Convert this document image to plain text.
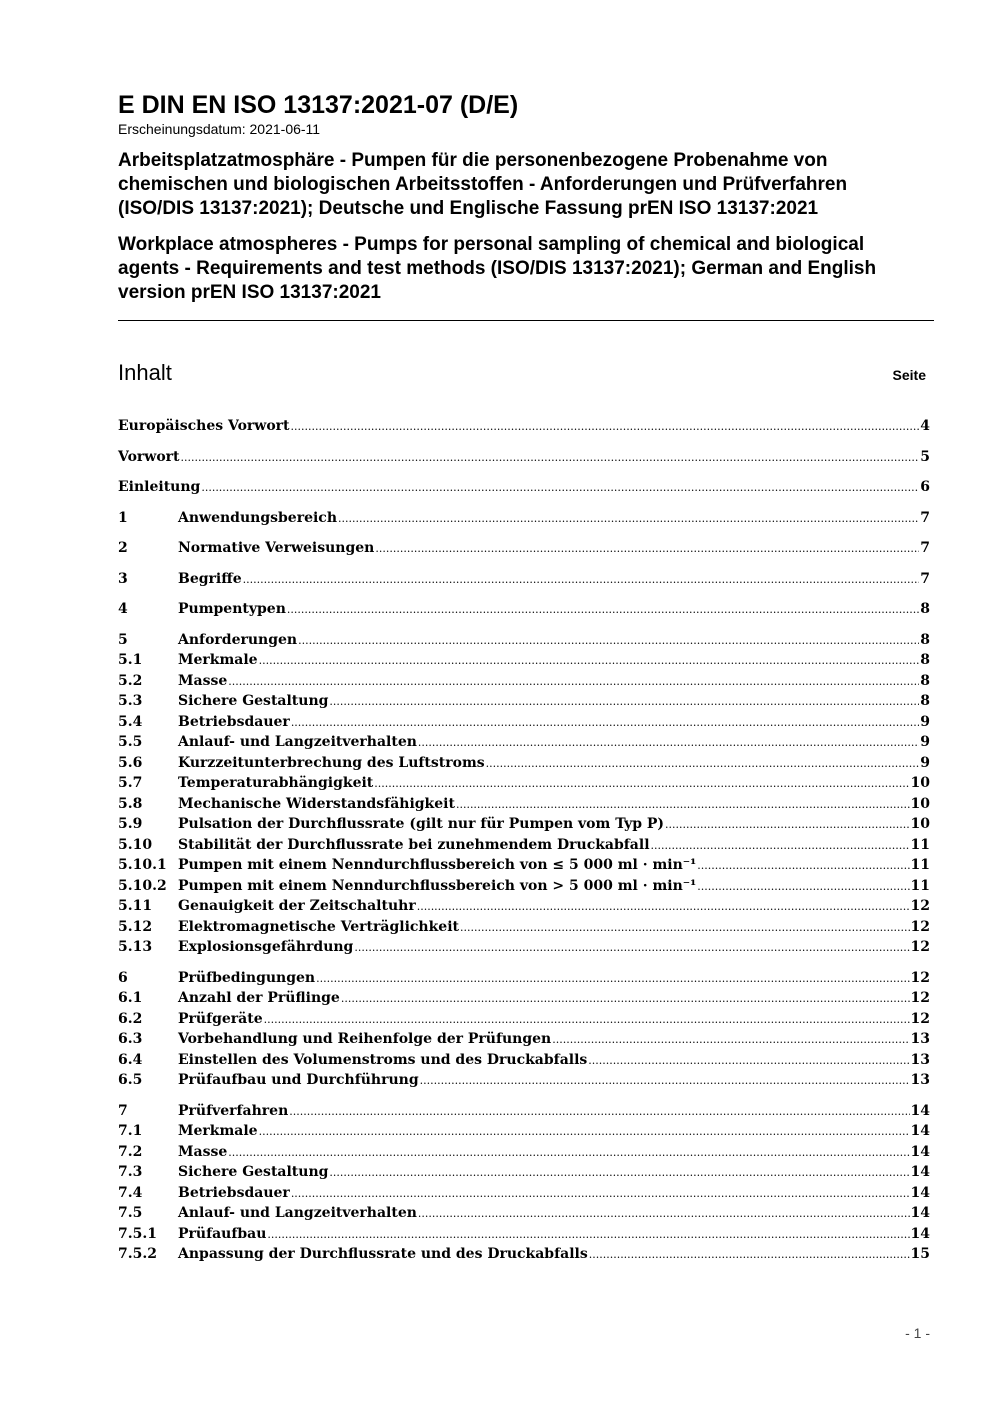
E DIN EN ISO 13137:2021-07 (D/E)
Erscheinungsdatum: 2021-06-11
Arbeitsplatzatmosphäre - Pumpen für die personenbezogene Probenahme von
chemischen und biologischen Arbeitsstoffen - Anforderungen und Prüfverfahren
(ISO/DIS 13137:2021); Deutsche und Englische Fassung prEN ISO 13137:2021
Workplace atmospheres - Pumps for personal sampling of chemical and biological
agents - Requirements and test methods (ISO/DIS 13137:2021); German and English
version prEN ISO 13137:2021
Inhalt	Seite
Europäisches Vorwort .....	4
Vorwort .....	5
Einleitung .....	6
1	Anwendungsbereich .....	7
2	Normative Verweisungen .....	7
3	Begriffe .....	7
4	Pumpentypen .....	8
5	Anforderungen .....	8
5.1	Merkmale .....	8
5.2	Masse .....	8
5.3	Sichere Gestaltung .....	8
5.4	Betriebsdauer .....	9
5.5	Anlauf- und Langzeitverhalten .....	9
5.6	Kurzzeitunterbrechung des Luftstroms .....	9
5.7	Temperaturabhängigkeit .....	10
5.8	Mechanische Widerstandsfähigkeit .....	10
5.9	Pulsation der Durchflussrate (gilt nur für Pumpen vom Typ P) .....	10
5.10	Stabilität der Durchflussrate bei zunehmendem Druckabfall .....	11
5.10.1 Pumpen mit einem Nenndurchflussbereich von ≤ 5 000 ml · min⁻¹ .....	11
5.10.2 Pumpen mit einem Nenndurchflussbereich von > 5 000 ml · min⁻¹ .....	11
5.11	Genauigkeit der Zeitschaltuhr .....	12
5.12	Elektromagnetische Verträglichkeit .....	12
5.13	Explosionsgefährdung .....	12
6	Prüfbedingungen .....	12
6.1	Anzahl der Prüflinge .....	12
6.2	Prüfgeräte .....	12
6.3	Vorbehandlung und Reihenfolge der Prüfungen .....	13
6.4	Einstellen des Volumenstroms und des Druckabfalls .....	13
6.5	Prüfaufbau und Durchführung .....	13
7	Prüfverfahren .....	14
7.1	Merkmale .....	14
7.2	Masse .....	14
7.3	Sichere Gestaltung .....	14
7.4	Betriebsdauer .....	14
7.5	Anlauf- und Langzeitverhalten .....	14
7.5.1	Prüfaufbau .....	14
7.5.2	Anpassung der Durchflussrate und des Druckabfalls .....	15
- 1 -
